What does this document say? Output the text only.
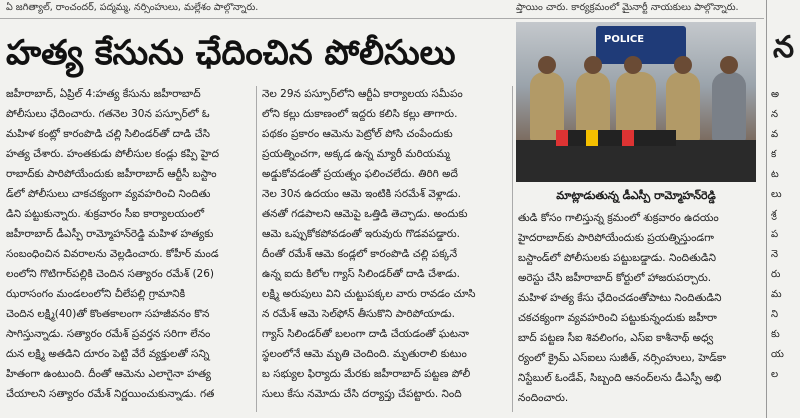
ఏ జగిత్యాల్, రాంచందర్, పద్మమ్మ, నర్సింహులు, మల్లేశం పాల్గొన్నారు.	ప్తాయిం చారు. కార్యక్రమంలో మైనార్టీ నాయకులు పాల్గొన్నారు.
హత్య కేసును ఛేదించిన పోలీసులు	POLICE
మాట్లాడుతున్న డీఎస్పీ రామ్మోహన్‌రెడ్డి

జహీరాబాద్, ఏప్రిల్ 4:హత్య కేసును జహీరాబాద్

పోలీసులు ఛేదించారు. గతనెల 30న పస్పూర్‌లో ఓ

మహిళ కంట్లో కారంపొడి చల్లి సిలిండర్‌తో దాడి చేసి

హత్య చేశారు. హంతకుడు పోలీసుల కండ్లు కప్పి హైద

రాబాద్‌కు పారిపోయేందుకు జహీరాబాద్ ఆర్టీసీ బస్టాం

డ్‌లో పోలీసులు చాకచక్యంగా వ్యవహరించి నిందితు

డిని పట్టుకున్నారు. శుక్రవారం సీఐ కార్యాలయంలో

జహీరాబాద్ డీఎస్పీ రామ్మోహన్‌రెడ్డి మహిళ హత్యకు

సంబంధించిన వివరాలను వెల్లడించారు. కోహీర్ మండ

లంలోని గొటిగార్‌పల్లికి చెందిన సత్యారం రమేశ్ (26)

ఝరాసంగం మండలంలోని చీలేపల్లి గ్రామానికి

చెందిన లక్ష్మి(40)తో కొంతకాలంగా సహజీవనం కొన

సాగిస్తున్నాడు. సత్యారం రమేశ్ ప్రవర్తన సరిగా లేనం

దున లక్ష్మి అతడిని దూరం పెట్టి వేరే వ్యక్తులతో సన్ని

హితంగా ఉంటుంది. దీంతో ఆమెను ఎలాగైనా హత్య

చేయాలని సత్యారం రమేశ్ నిర్ణయించుకున్నాడు. గత

నెల 29న పస్పూర్‌లోని ఆర్టీఏ కార్యాలయ సమీపం

లోని కల్లు దుకాణంలో ఇద్దరు కలిసి కల్లు తాగారు.

పథకం ప్రకారం ఆమెను పెట్రోల్ పోసి చంపేందుకు

ప్రయత్నించగా, అక్కడ ఉన్న మ్యారీ మరియమ్మ

అడ్డుకోవడంతో ప్రయత్నం ఫలించలేదు. తిరిగి అదే

నెల 30న ఉదయం ఆమె ఇంటికి సరమేశ్ వెళ్లాడు.

తనతో గడపాలని ఆమెపై ఒత్తిడి తెచ్చాడు. అందుకు

ఆమె ఒప్పుకోకపోవడంతో ఇరువురు గొడవపడ్డారు.

దీంతో రమేశ్ ఆమె కండ్లలో కారంపొడి చల్లి పక్కనే

ఉన్న ఐదు కిలోల గ్యాస్ సిలిండర్‌తో దాడి చేశాడు.

లక్ష్మి అరుపులు విని చుట్టుపక్కల వారు రావడం చూసి

న రమేశ్ ఆమె సెల్‌ఫోన్ తీసుకొని పారిపోయాడు.

గ్యాస్ సిలిండర్‌తో బలంగా దాడి చేయడంతో ఘటనా

స్థలంలోనే ఆమె మృతి చెందింది. మృతురాలి కుటుం

బ సభ్యుల ఫిర్యాదు మేరకు జహీరాబాద్ పట్టణ పోలీ

సులు కేసు నమోదు చేసి దర్యాప్తు చేపట్టారు. నింది

తుడి కోసం గాలిస్తున్న క్రమంలో శుక్రవారం ఉదయం

హైదరాబాద్‌కు పారిపోయేందుకు ప్రయత్నిస్తుండగా

బస్టాండ్‌లో పోలీసులకు పట్టుబడ్డాడు. నిందితుడిని

అరెస్టు చేసి జహీరాబాద్ కోర్టులో హాజరుపర్చారు.

మహిళ హత్య కేసు ఛేదించడంతోపాటు నిందితుడిని

చకచక్యంగా వ్యవహరించి పట్టుకున్నందుకు జహీరా

బాద్ పట్టణ సీఐ శివలింగం, ఎస్ఐ కాశీనాథ్ అధ్వ

ర్యంలో క్రైమ్ ఎస్ఐలు సుజీత్, నర్సింహులు, హెడ్‌కా

నిస్టేబుల్ ఓండేవ్, సిబ్బంది ఆనంద్‌లను డీఎస్పీ అభి

నందించారు.

న
అ
న
వ
క
ట
లు
శ్ర
ప
నె
రు
మ
ని
కు
య
ల
